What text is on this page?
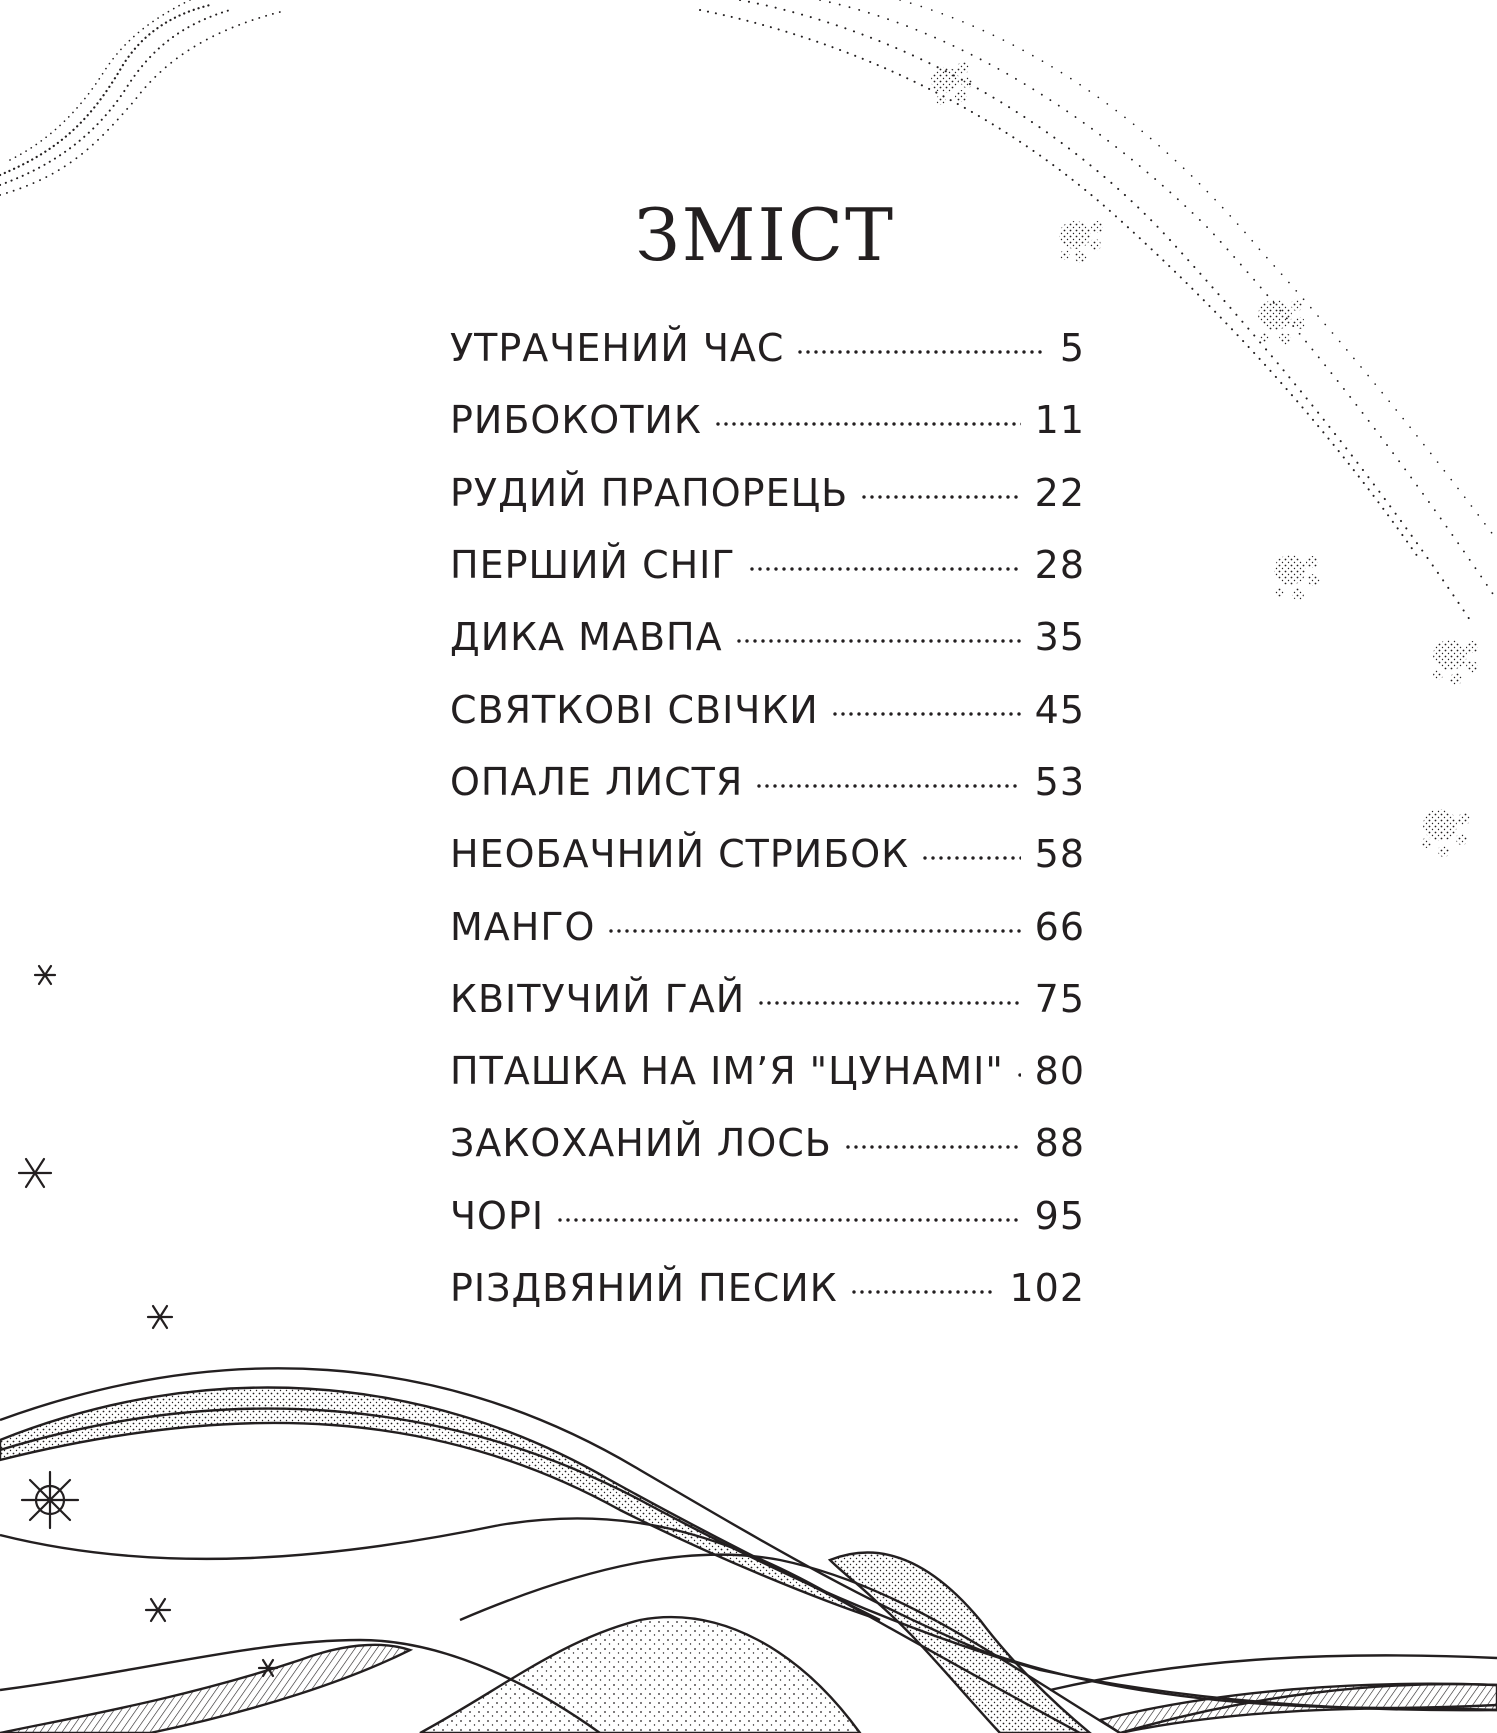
ЗМІСТ
УТРАЧЕНИЙ ЧАС	5
РИБОКОТИК	11
РУДИЙ ПРАПОРЕЦЬ	22
ПЕРШИЙ СНІГ	28
ДИКА МАВПА	35
СВЯТКОВІ СВІЧКИ	45
ОПАЛЕ ЛИСТЯ	53
НЕОБАЧНИЙ СТРИБОК	58
МАНГО	66
КВІТУЧИЙ ГАЙ	75
ПТАШКА НА ІМ’Я "ЦУНАМІ" 80
ЗАКОХАНИЙ ЛОСЬ	88
ЧОРІ	95
РІЗДВЯНИЙ ПЕСИК	102
